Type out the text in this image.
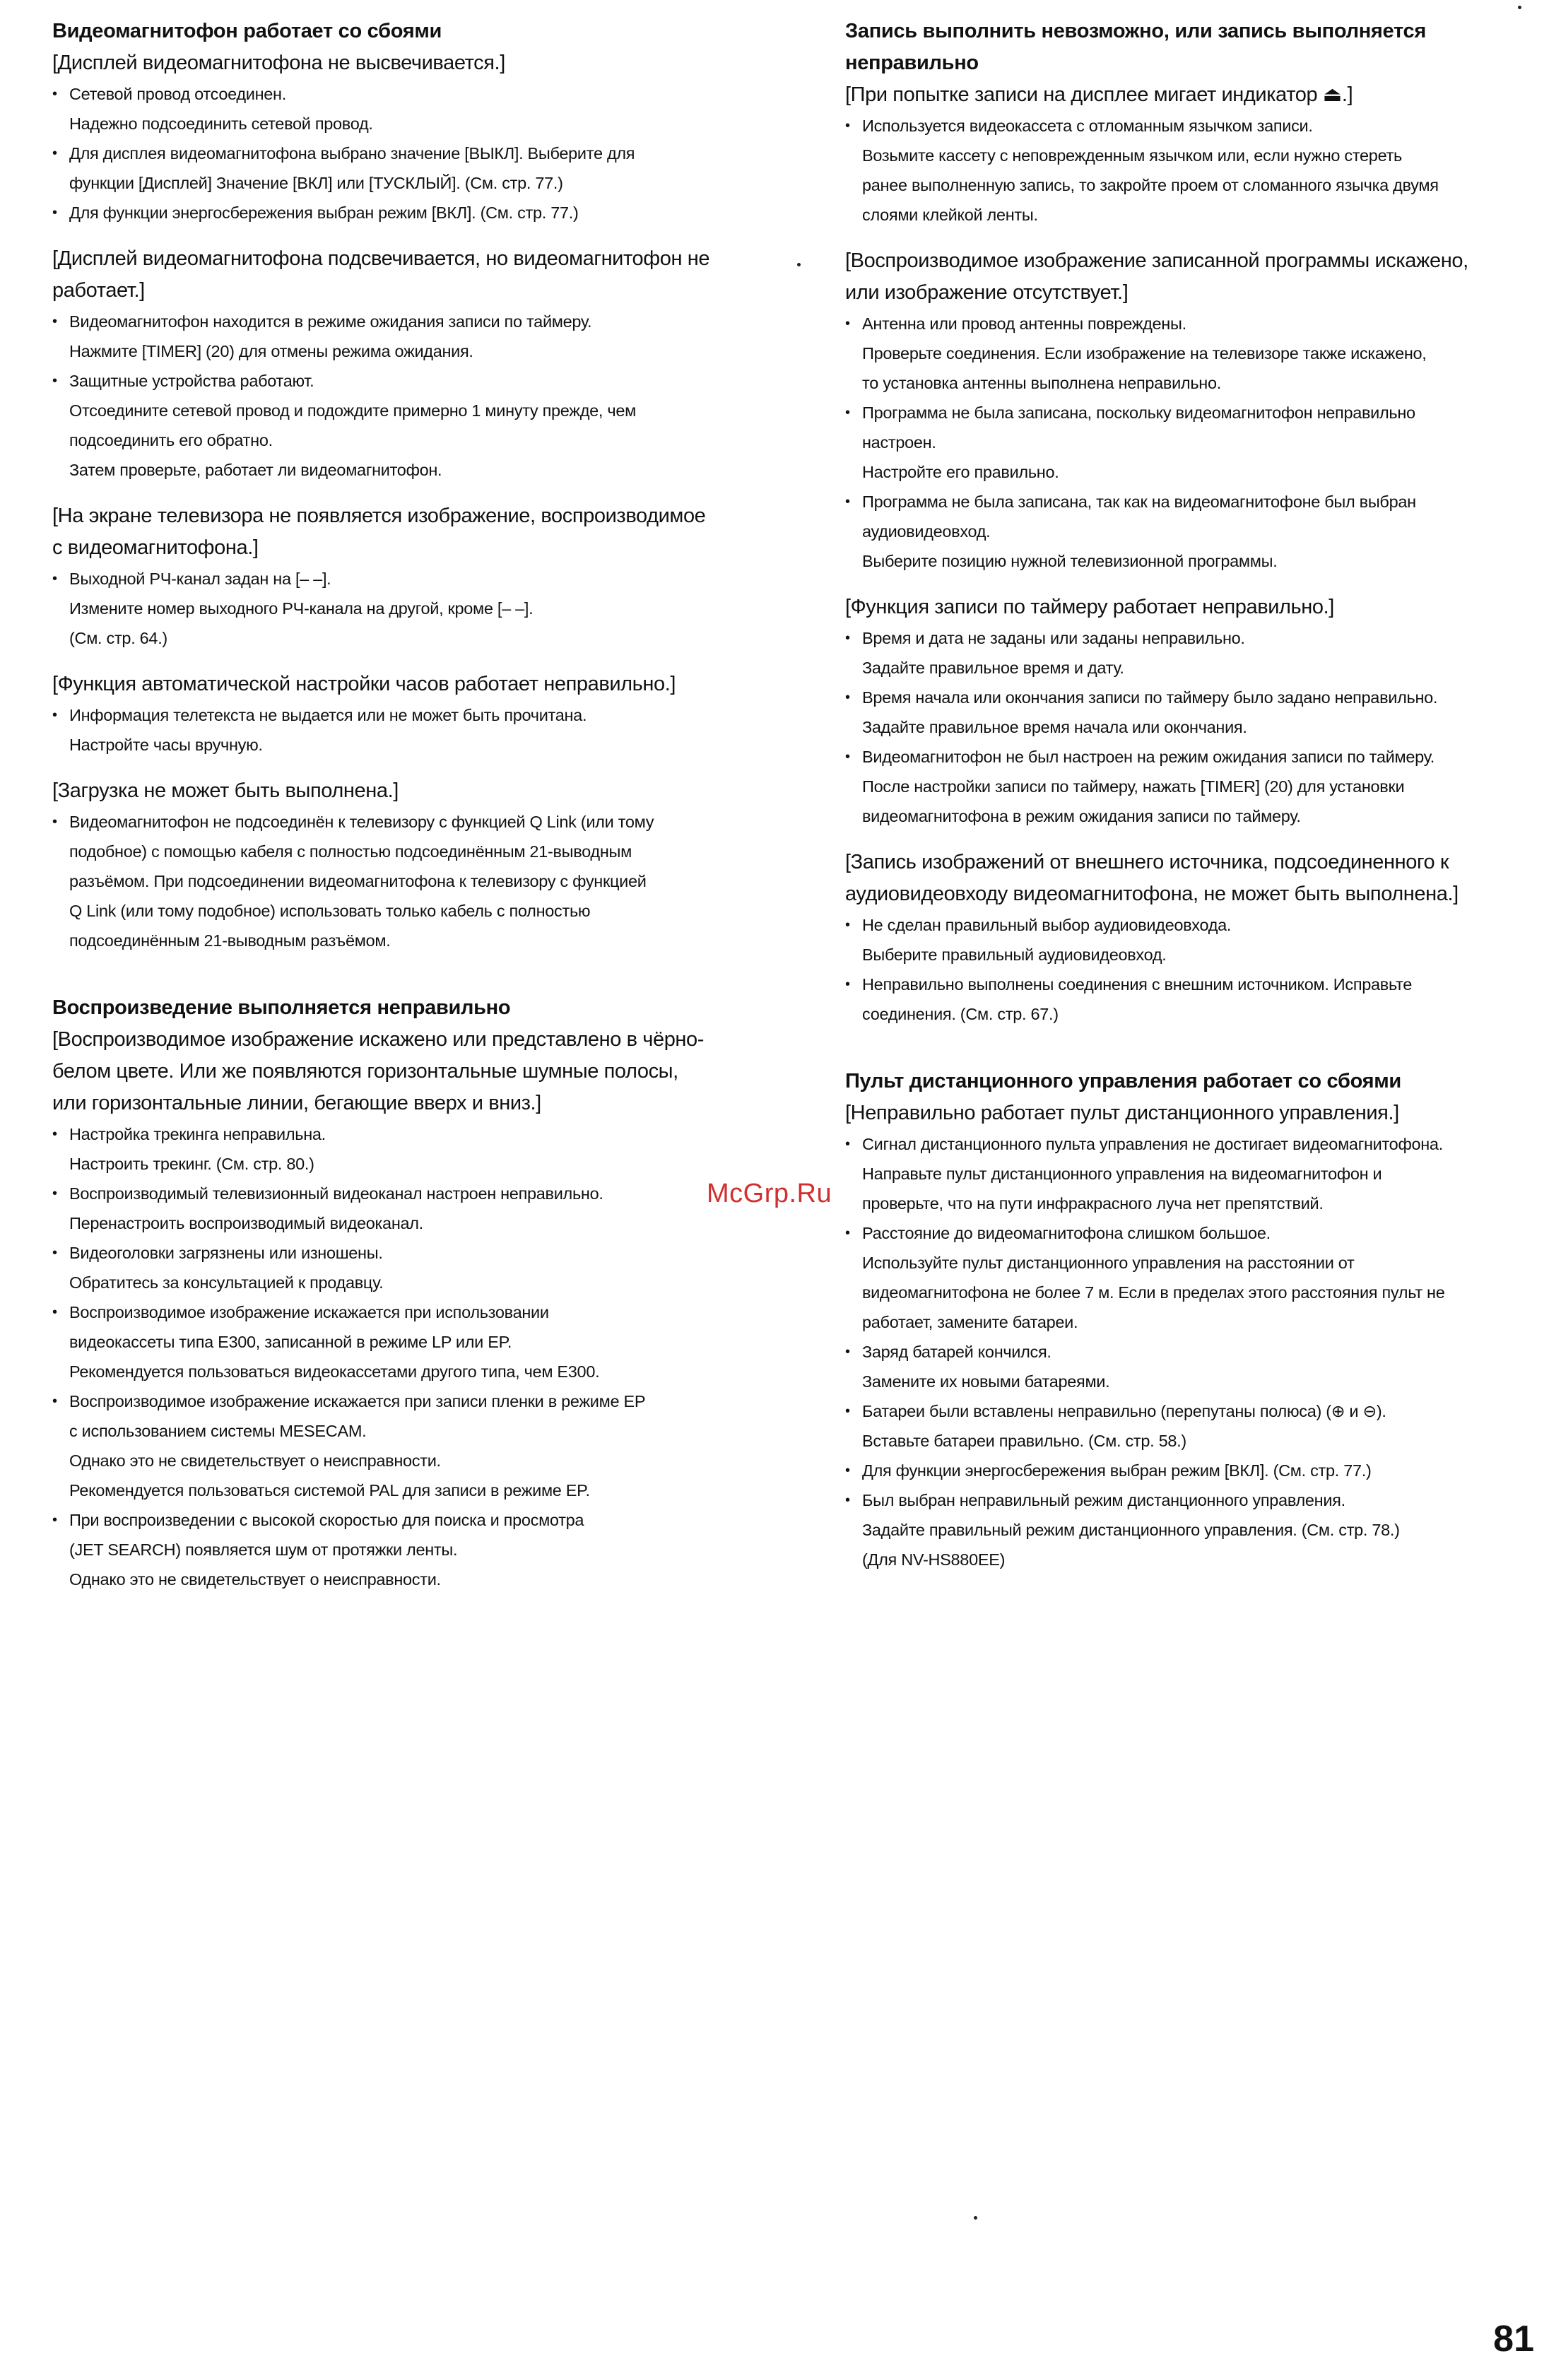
Видеомагнитофон работает со сбоями
[Дисплей видеомагнитофона не высвечивается.]
• Сетевой провод отсоединен.
Надежно подсоединить сетевой провод.
• Для дисплея видеомагнитофона выбрано значение [ВЫКЛ]. Выберите для
функции [Дисплей] Значение [ВКЛ] или [ТУСКЛЫЙ]. (См. стр. 77.)
• Для функции энергосбережения выбран режим [ВКЛ]. (См. стр. 77.)
[Дисплей видеомагнитофона подсвечивается, но видеомагнитофон не
работает.]
• Видеомагнитофон находится в режиме ожидания записи по таймеру.
Нажмите [TIMER] (20) для отмены режима ожидания.
• Защитные устройства работают.
Отсоедините сетевой провод и подождите примерно 1 минуту прежде, чем
подсоединить его обратно.
Затем проверьте, работает ли видеомагнитофон.
[На экране телевизора не появляется изображение, воспроизводимое
с видеомагнитофона.]
• Выходной РЧ-канал задан на [– –].
Измените номер выходного РЧ-канала на другой, кроме [– –].
(См. стр. 64.)
[Функция автоматической настройки часов работает неправильно.]
• Информация телетекста не выдается или не может быть прочитана.
Настройте часы вручную.
[Загрузка не может быть выполнена.]
• Видеомагнитофон не подсоединён к телевизору с функцией Q Link (или тому
подобное) с помощью кабеля с полностью подсоединённым 21-выводным
разъёмом. При подсоединении видеомагнитофона к телевизору с функцией
Q Link (или тому подобное) использовать только кабель с полностью
подсоединённым 21-выводным разъёмом.
Воспроизведение выполняется неправильно
[Воспроизводимое изображение искажено или представлено в чёрно-
белом цвете. Или же появляются горизонтальные шумные полосы,
или горизонтальные линии, бегающие вверх и вниз.]
• Настройка трекинга неправильна.
Настроить трекинг. (См. стр. 80.)
• Воспроизводимый телевизионный видеоканал настроен неправильно.
Перенастроить воспроизводимый видеоканал.
• Видеоголовки загрязнены или изношены.
Обратитесь за консультацией к продавцу.
• Воспроизводимое изображение искажается при использовании
видеокассеты типа E300, записанной в режиме LP или EP.
Рекомендуется пользоваться видеокассетами другого типа, чем E300.
• Воспроизводимое изображение искажается при записи пленки в режиме EP
с использованием системы MESECAM.
Однако это не свидетельствует о неисправности.
Рекомендуется пользоваться системой PAL для записи в режиме EP.
• При воспроизведении с высокой скоростью для поиска и просмотра
(JET SEARCH) появляется шум от протяжки ленты.
Однако это не свидетельствует о неисправности.
Запись выполнить невозможно, или запись выполняется
неправильно
[При попытке записи на дисплее мигает индикатор ⏏.]
• Используется видеокассета с отломанным язычком записи.
Возьмите кассету с неповрежденным язычком или, если нужно стереть
ранее выполненную запись, то закройте проем от сломанного язычка двумя
слоями клейкой ленты.
[Воспроизводимое изображение записанной программы искажено,
или изображение отсутствует.]
• Антенна или провод антенны повреждены.
Проверьте соединения. Если изображение на телевизоре также искажено,
то установка антенны выполнена неправильно.
• Программа не была записана, поскольку видеомагнитофон неправильно
настроен.
Настройте его правильно.
• Программа не была записана, так как на видеомагнитофоне был выбран
аудиовидеовход.
Выберите позицию нужной телевизионной программы.
[Функция записи по таймеру работает неправильно.]
• Время и дата не заданы или заданы неправильно.
Задайте правильное время и дату.
• Время начала или окончания записи по таймеру было задано неправильно.
Задайте правильное время начала или окончания.
• Видеомагнитофон не был настроен на режим ожидания записи по таймеру.
После настройки записи по таймеру, нажать [TIMER] (20) для установки
видеомагнитофона в режим ожидания записи по таймеру.
[Запись изображений от внешнего источника, подсоединенного к
аудиовидеовходу видеомагнитофона, не может быть выполнена.]
• Не сделан правильный выбор аудиовидеовхода.
Выберите правильный аудиовидеовход.
• Неправильно выполнены соединения с внешним источником. Исправьте
соединения. (См. стр. 67.)
Пульт дистанционного управления работает со сбоями
[Неправильно работает пульт дистанционного управления.]
• Сигнал дистанционного пульта управления не достигает видеомагнитофона.
Направьте пульт дистанционного управления на видеомагнитофон и
проверьте, что на пути инфракрасного луча нет препятствий.
• Расстояние до видеомагнитофона слишком большое.
Используйте пульт дистанционного управления на расстоянии от
видеомагнитофона не более 7 м. Если в пределах этого расстояния пульт не
работает, замените батареи.
• Заряд батарей кончился.
Замените их новыми батареями.
• Батареи были вставлены неправильно (перепутаны полюса) (⊕ и ⊖).
Вставьте батареи правильно. (См. стр. 58.)
• Для функции энергосбережения выбран режим [ВКЛ]. (См. стр. 77.)
• Был выбран неправильный режим дистанционного управления.
Задайте правильный режим дистанционного управления. (См. стр. 78.)
(Для NV-HS880EE)
McGrp.Ru
81
